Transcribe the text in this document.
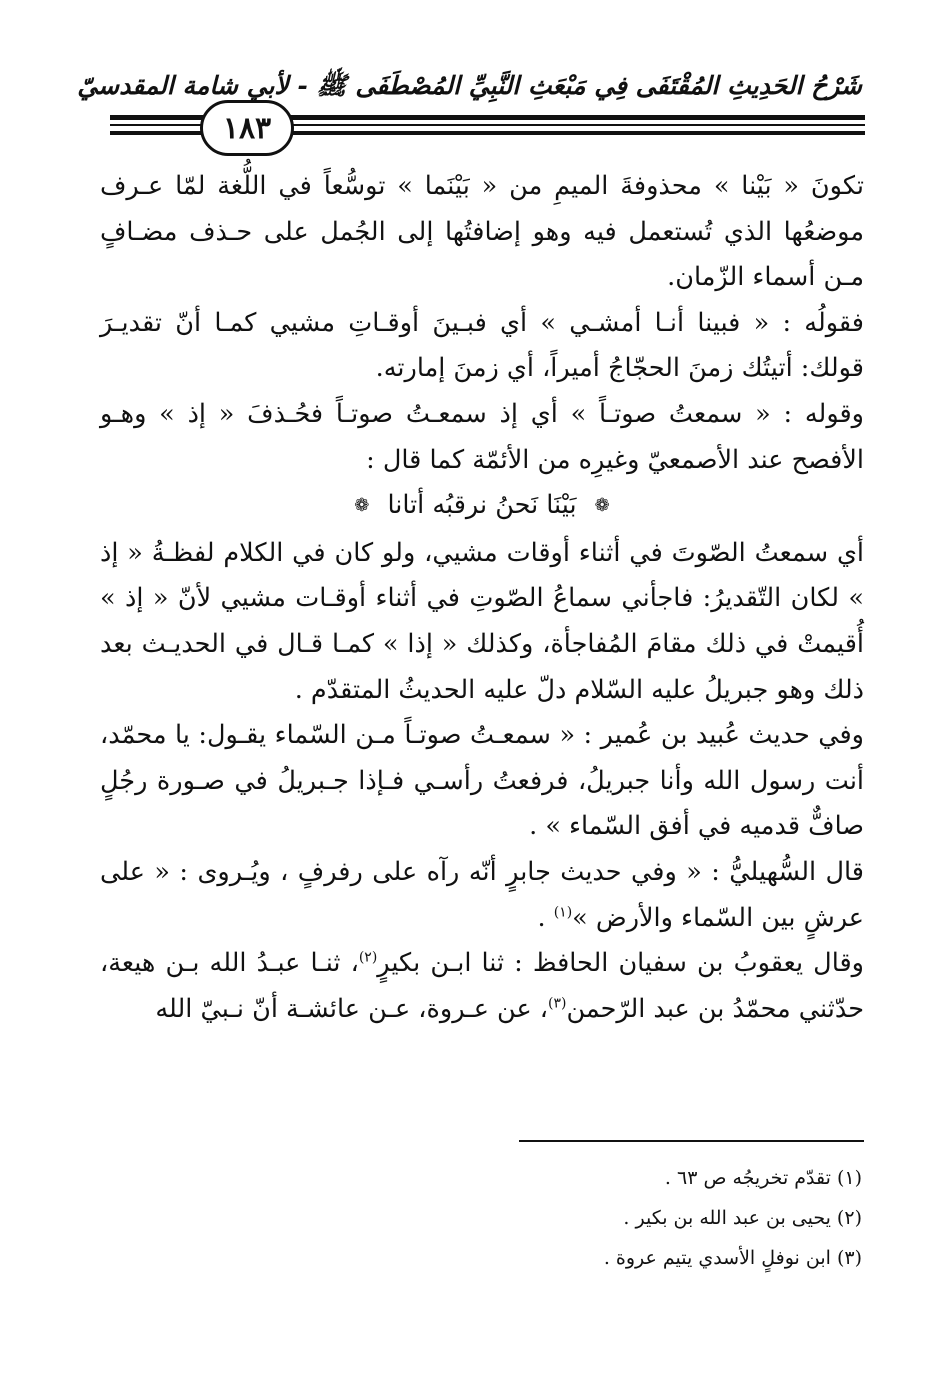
شَرْحُ الحَدِيثِ المُقْتَفَى فِي مَبْعَثِ النَّبِيِّ المُصْطَفَى ﷺ - لأبي شامة المقدسيّ
١٨٣

تكونَ « بَيْنا » محذوفةَ الميمِ من « بَيْنَما » توسُّعاً في اللُّغة لمّا عـرف موضعُها الذي تُستعمل فيه وهو إضافتُها إلى الجُمل على حـذف مضـافٍ مـن أسماء الزّمان.

فقولُه : « فبينا أنـا أمشـي » أي فبـينَ أوقـاتِ مشيي كمـا أنّ تقديـرَ قولك: أتيتُك زمنَ الحجّاجُ أميراً، أي زمنَ إمارته.

وقوله : « سمعتُ صوتـاً » أي إذ سمعـتُ صوتـاً فحُـذفَ « إذ » وهـو الأفصح عند الأصمعيّ وغيرِه من الأئمّة كما قال :

❁ بَيْنَا نَحنُ نرقبُه أتانا ❁

أي سمعتُ الصّوتَ في أثناء أوقات مشيي، ولو كان في الكلام لفظـةُ « إذ » لكان التّقديرُ: فاجأني سماعُ الصّوتِ في أثناء أوقـات مشيي لأنّ « إذ » أُقيمتْ في ذلك مقامَ المُفاجأة، وكذلك « إذا » كمـا قـال في الحديـث بعد ذلك وهو جبريلُ عليه السّلام دلّ عليه الحديثُ المتقدّم .

وفي حديث عُبيد بن عُمير : « سمعـتُ صوتـاً مـن السّماء يقـول: يا محمّد، أنت رسول الله وأنا جبريلُ، فرفعتُ رأسـي فـإذا جـبريلُ في صـورة رجُلٍ صافٌّ قدميه في أفق السّماء » .

قال السُّهيليُّ : « وفي حديث جابرٍ أنّه رآه على رفرفٍ ، ويُـروى : « على عرشٍ بين السّماء والأرض »$^{(١)}$ .

وقال يعقوبُ بن سفيان الحافظ : ثنا ابـن بكيرٍ$^{(٢)}$، ثنـا عبـدُ الله بـن هيعة، حدّثني محمّدُ بن عبد الرّحمن$^{(٣)}$، عن عـروة، عـن عائشـة أنّ نـبيّ الله

(١) تقدّم تخريجُه ص ٦٣ .

(٢) يحيى بن عبد الله بن بكير .

(٣) ابن نوفلٍ الأسدي يتيم عروة .
